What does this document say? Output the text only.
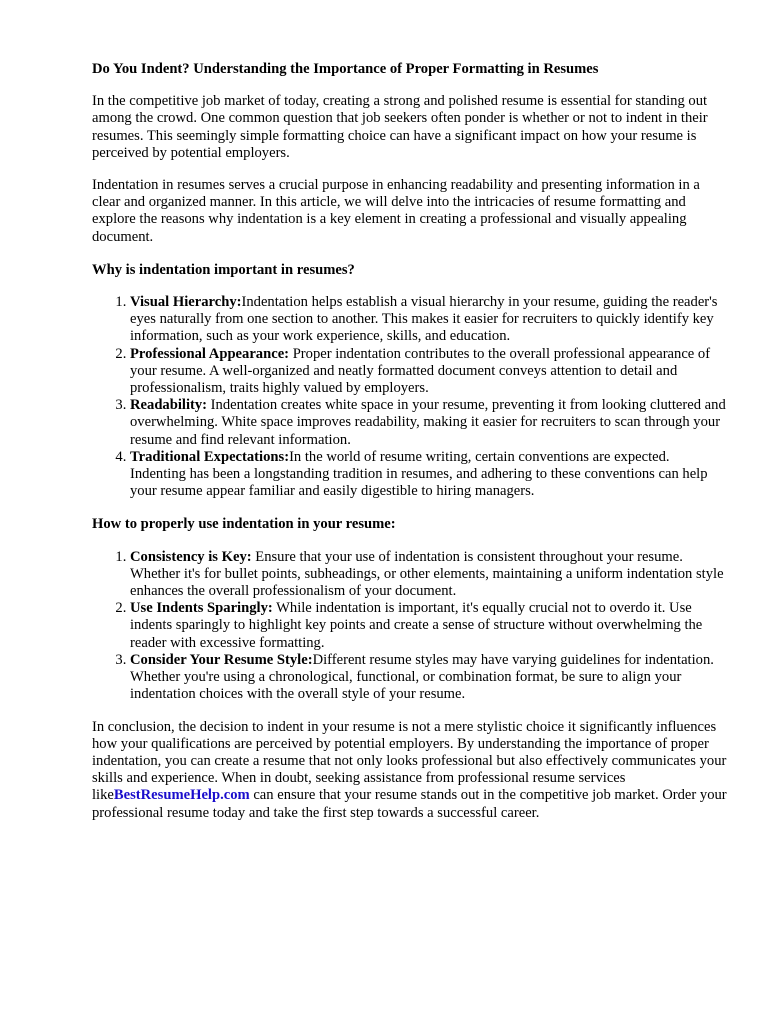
Do You Indent? Understanding the Importance of Proper Formatting in Resumes

In the competitive job market of today, creating a strong and polished resume is essential for standing out among the crowd. One common question that job seekers often ponder is whether or not to indent in their resumes. This seemingly simple formatting choice can have a significant impact on how your resume is perceived by potential employers.

Indentation in resumes serves a crucial purpose in enhancing readability and presenting information in a clear and organized manner. In this article, we will delve into the intricacies of resume formatting and explore the reasons why indentation is a key element in creating a professional and visually appealing document.

Why is indentation important in resumes?
1. Visual Hierarchy:Indentation helps establish a visual hierarchy in your resume, guiding the reader's eyes naturally from one section to another. This makes it easier for recruiters to quickly identify key information, such as your work experience, skills, and education.
2. Professional Appearance: Proper indentation contributes to the overall professional appearance of your resume. A well-organized and neatly formatted document conveys attention to detail and professionalism, traits highly valued by employers.
3. Readability: Indentation creates white space in your resume, preventing it from looking cluttered and overwhelming. White space improves readability, making it easier for recruiters to scan through your resume and find relevant information.
4. Traditional Expectations:In the world of resume writing, certain conventions are expected. Indenting has been a longstanding tradition in resumes, and adhering to these conventions can help your resume appear familiar and easily digestible to hiring managers.
How to properly use indentation in your resume:
1. Consistency is Key: Ensure that your use of indentation is consistent throughout your resume. Whether it's for bullet points, subheadings, or other elements, maintaining a uniform indentation style enhances the overall professionalism of your document.
2. Use Indents Sparingly: While indentation is important, it's equally crucial not to overdo it. Use indents sparingly to highlight key points and create a sense of structure without overwhelming the reader with excessive formatting.
3. Consider Your Resume Style:Different resume styles may have varying guidelines for indentation. Whether you're using a chronological, functional, or combination format, be sure to align your indentation choices with the overall style of your resume.

In conclusion, the decision to indent in your resume is not a mere stylistic choice it significantly influences how your qualifications are perceived by potential employers. By understanding the importance of proper indentation, you can create a resume that not only looks professional but also effectively communicates your skills and experience. When in doubt, seeking assistance from professional resume services likeBestResumeHelp.com can ensure that your resume stands out in the competitive job market. Order your professional resume today and take the first step towards a successful career.
